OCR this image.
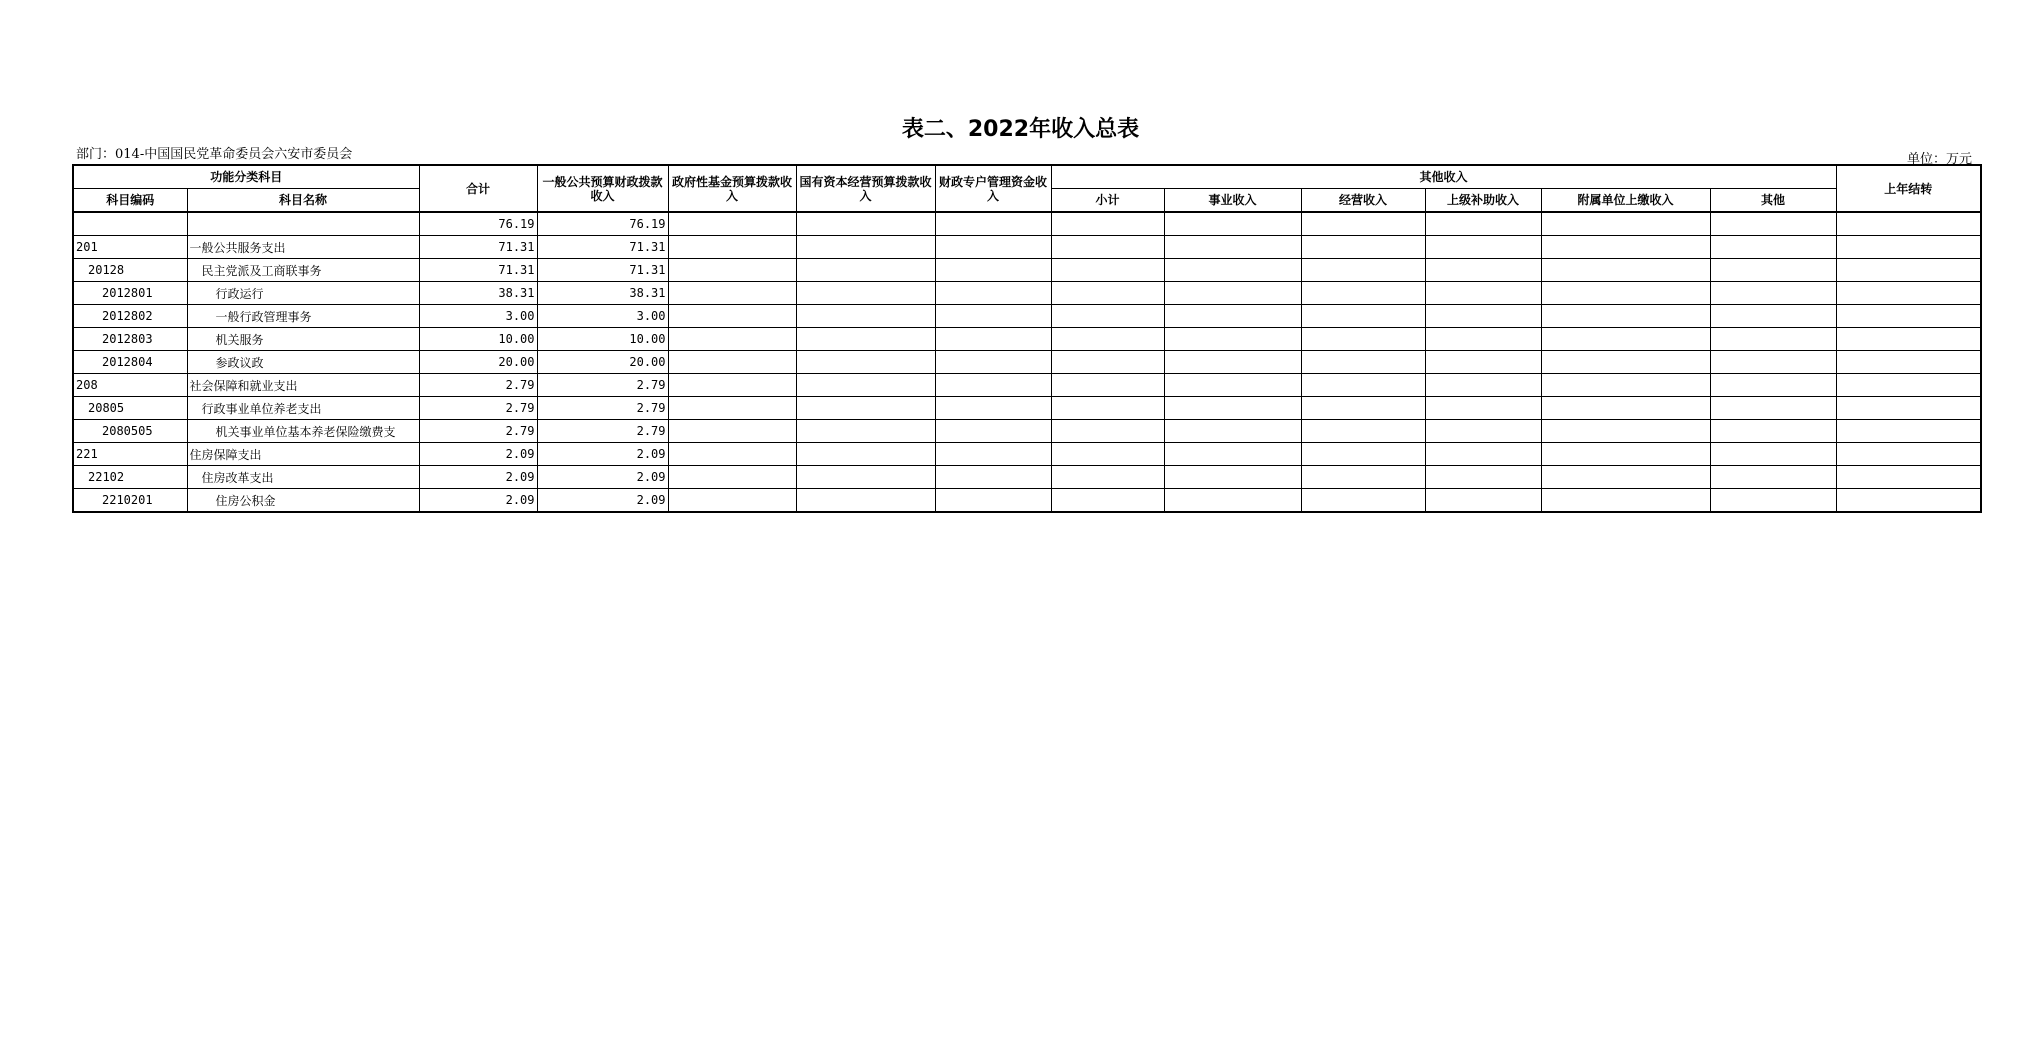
表二、2022年收入总表
部门：014-中国国民党革命委员会六安市委员会	单位：万元
功能分类科目		合计	一般公共预算财政拨款收入	政府性基金预算拨款收入	国有资本经营预算拨款收入	财政专户管理资金收入	其他收入						上年结转
科目编码	科目名称						小计	事业收入	经营收入	上级补助收入	附属单位上缴收入	其他	
		76.19	76.19										
201	一般公共服务支出	71.31	71.31										
20128	民主党派及工商联事务	71.31	71.31										
2012801	行政运行	38.31	38.31										
2012802	一般行政管理事务	3.00	3.00										
2012803	机关服务	10.00	10.00										
2012804	参政议政	20.00	20.00										
208	社会保障和就业支出	2.79	2.79										
20805	行政事业单位养老支出	2.79	2.79										
2080505	机关事业单位基本养老保险缴费支	2.79	2.79										
221	住房保障支出	2.09	2.09										
22102	住房改革支出	2.09	2.09										
2210201	住房公积金	2.09	2.09										
